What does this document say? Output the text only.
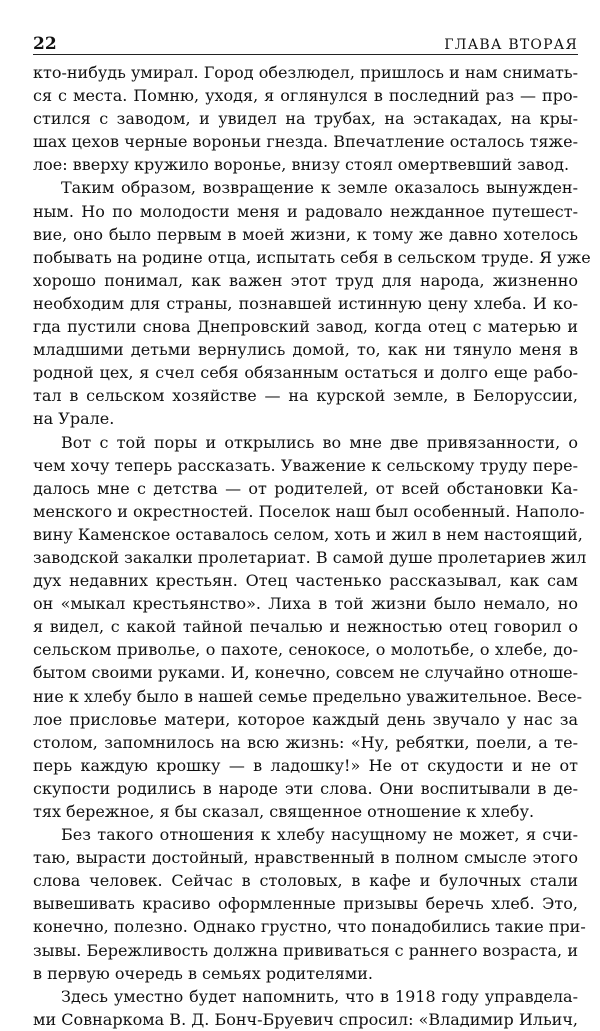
22	ГЛАВА ВТОРАЯ
кто-нибудь умирал. Город обезлюдел, пришлось и нам снимать-
ся с места. Помню, уходя, я оглянулся в последний раз — про-
стился с заводом, и увидел на трубах, на эстакадах, на кры-
шах цехов черные вороньи гнезда. Впечатление осталось тяже-
лое: вверху кружило воронье, внизу стоял омертвевший завод.
Таким образом, возвращение к земле оказалось вынужден-
ным. Но по молодости меня и радовало нежданное путешест-
вие, оно было первым в моей жизни, к тому же давно хотелось
побывать на родине отца, испытать себя в сельском труде. Я уже
хорошо понимал, как важен этот труд для народа, жизненно
необходим для страны, познавшей истинную цену хлеба. И ко-
гда пустили снова Днепровский завод, когда отец с матерью и
младшими детьми вернулись домой, то, как ни тянуло меня в
родной цех, я счел себя обязанным остаться и долго еще рабо-
тал в сельском хозяйстве — на курской земле, в Белоруссии,
на Урале.
Вот с той поры и открылись во мне две привязанности, о
чем хочу теперь рассказать. Уважение к сельскому труду пере-
далось мне с детства — от родителей, от всей обстановки Ка-
менского и окрестностей. Поселок наш был особенный. Наполо-
вину Каменское оставалось селом, хоть и жил в нем настоящий,
заводской закалки пролетариат. В самой душе пролетариев жил
дух недавних крестьян. Отец частенько рассказывал, как сам
он «мыкал крестьянство». Лиха в той жизни было немало, но
я видел, с какой тайной печалью и нежностью отец говорил о
сельском приволье, о пахоте, сенокосе, о молотьбе, о хлебе, до-
бытом своими руками. И, конечно, совсем не случайно отноше-
ние к хлебу было в нашей семье предельно уважительное. Весе-
лое присловье матери, которое каждый день звучало у нас за
столом, запомнилось на всю жизнь: «Ну, ребятки, поели, а те-
перь каждую крошку — в ладошку!» Не от скудости и не от
скупости родились в народе эти слова. Они воспитывали в де-
тях бережное, я бы сказал, священное отношение к хлебу.
Без такого отношения к хлебу насущному не может, я счи-
таю, вырасти достойный, нравственный в полном смысле этого
слова человек. Сейчас в столовых, в кафе и булочных стали
вывешивать красиво оформленные призывы беречь хлеб. Это,
конечно, полезно. Однако грустно, что понадобились такие при-
зывы. Бережливость должна прививаться с раннего возраста, и
в первую очередь в семьях родителями.
Здесь уместно будет напомнить, что в 1918 году управдела-
ми Совнаркома В. Д. Бонч-Бруевич спросил: «Владимир Ильич,
